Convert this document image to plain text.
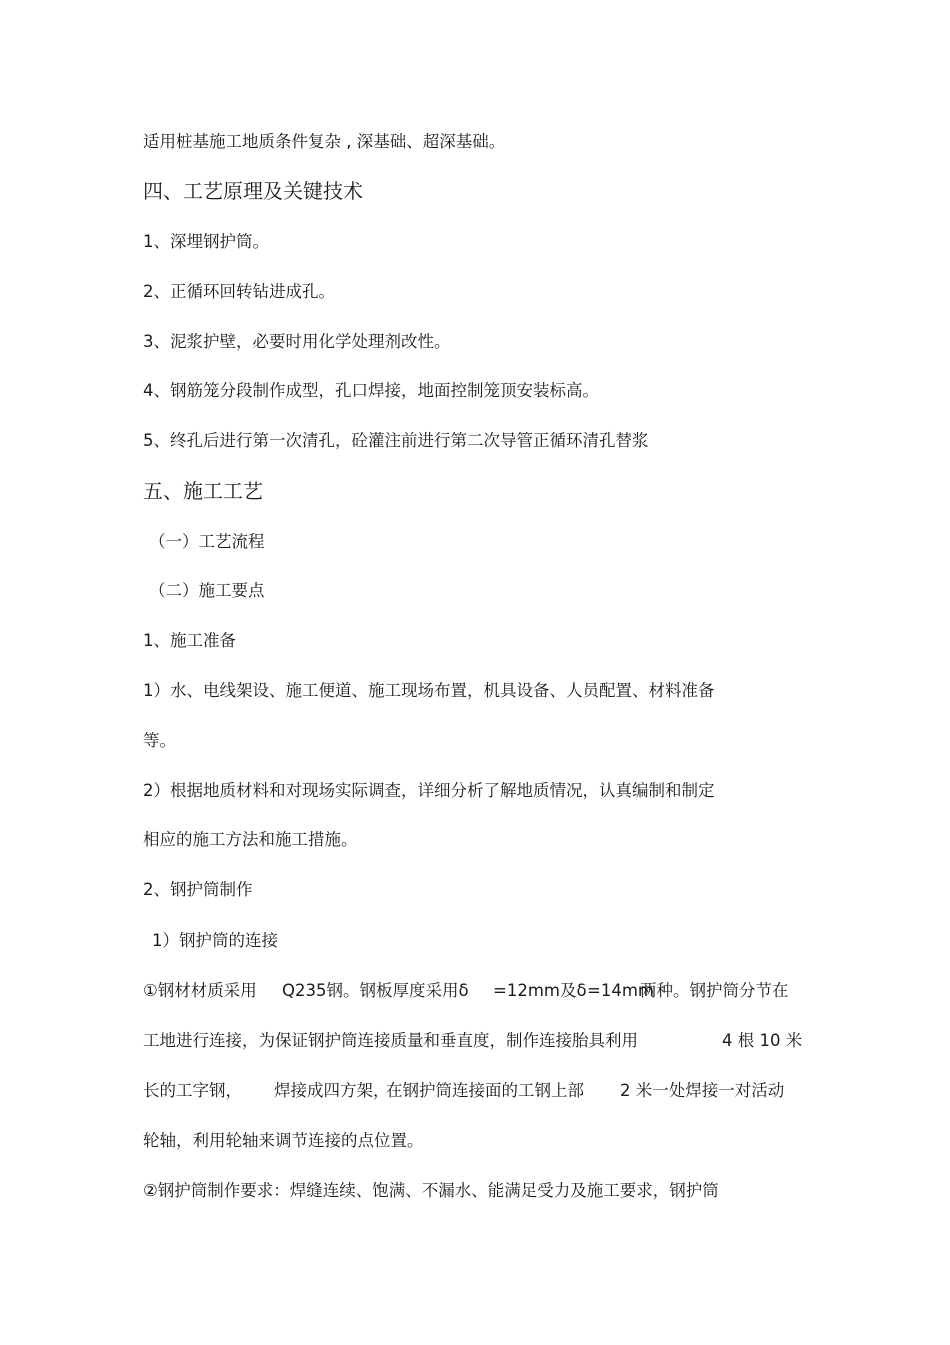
适用桩基施工地质条件复杂 , 深基础、超深基础。
四、工艺原理及关键技术
1、深埋钢护筒。
2、正循环回转钻进成孔。
3、泥浆护壁，必要时用化学处理剂改性。
4、钢筋笼分段制作成型，孔口焊接，地面控制笼顶安装标高。
5、终孔后进行第一次清孔，砼灌注前进行第二次导管正循环清孔替浆
五、施工工艺
（一）工艺流程
（二）施工要点
1、施工准备
1）水、电线架设、施工便道、施工现场布置，机具设备、人员配置、材料准备
等。
2）根据地质材料和对现场实际调查，详细分析了解地质情况，认真编制和制定
相应的施工方法和施工措施。
2、钢护筒制作
1）钢护筒的连接
①钢材材质采用 Q235钢。钢板厚度采用δ =12mm及δ =14mm
两种。钢护筒分节在
工地进行连接，为保证钢护筒连接质量和垂直度，制作连接胎具利用	4 根 10 米
长的工字钢， 焊接成四方架，
在钢护筒连接面的工钢上部 2 米一处焊接一对活动
轮轴，利用轮轴来调节连接的点位置。
②钢护筒制作要求：焊缝连续、饱满、不漏水、能满足受力及施工要求，钢护筒
